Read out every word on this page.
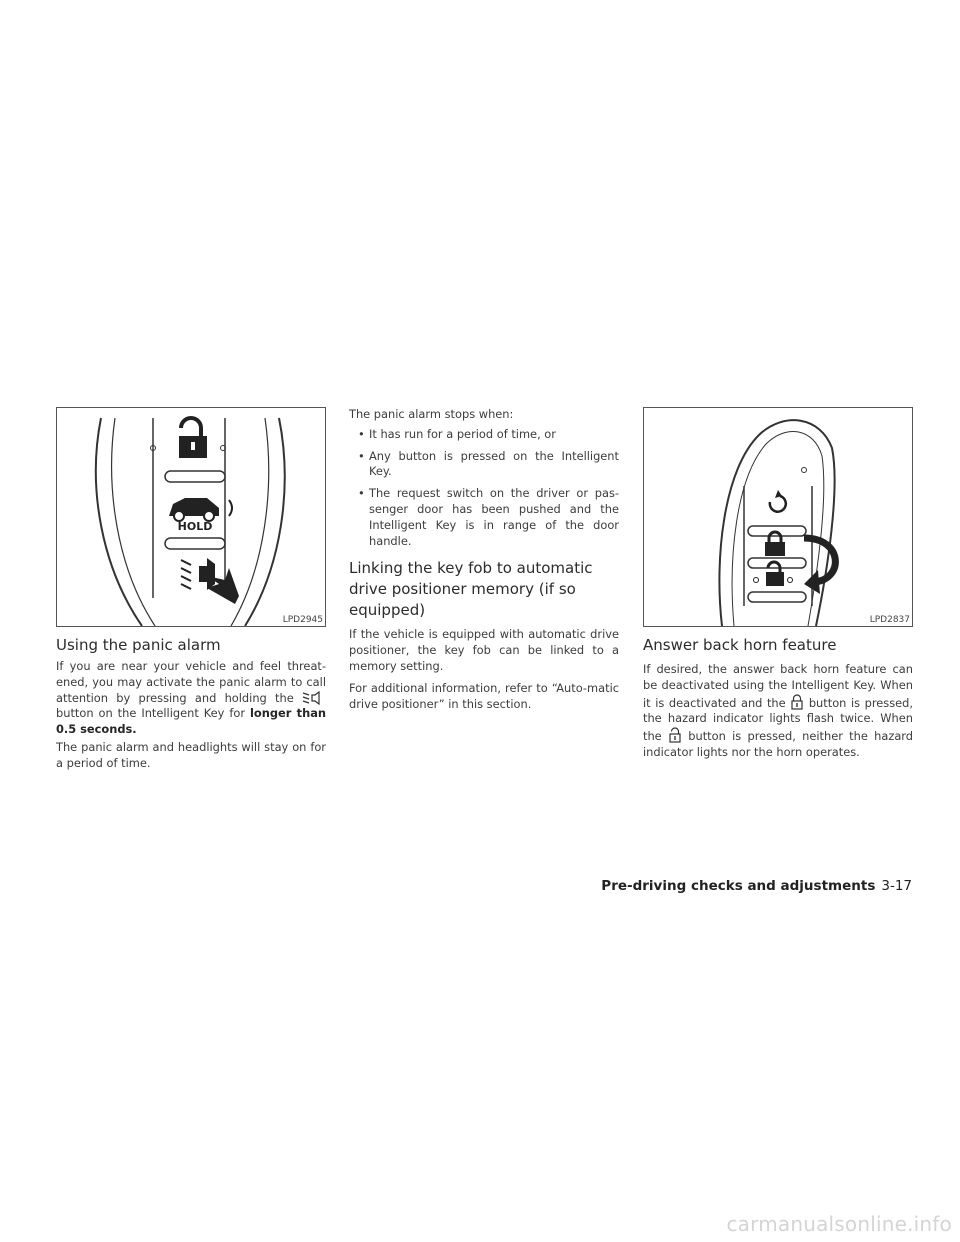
HOLD
LPD2945
Using the panic alarm

If you are near your vehicle and feel threat-ened, you may activate the panic alarm to call attention by pressing and holding the  button on the Intelligent Key for longer than 0.5 seconds.

The panic alarm and headlights will stay on for a period of time.

The panic alarm stops when:

• It has run for a period of time, or
• Any button is pressed on the Intelligent Key.
• The request switch on the driver or pas-senger door has been pushed and the Intelligent Key is in range of the door handle.
Linking the key fob to automatic
drive positioner memory (if so
equipped)

If the vehicle is equipped with automatic drive positioner, the key fob can be linked to a memory setting.

For additional information, refer to “Auto-matic drive positioner” in this section.

LPD2837
Answer back horn feature

If desired, the answer back horn feature can be deactivated using the Intelligent Key. When it is deactivated and the button is pressed, the hazard indicator lights flash twice. When the button is pressed, neither the hazard indicator lights nor the horn operates.

Pre-driving checks and adjustments 3-17
carmanualsonline.info
